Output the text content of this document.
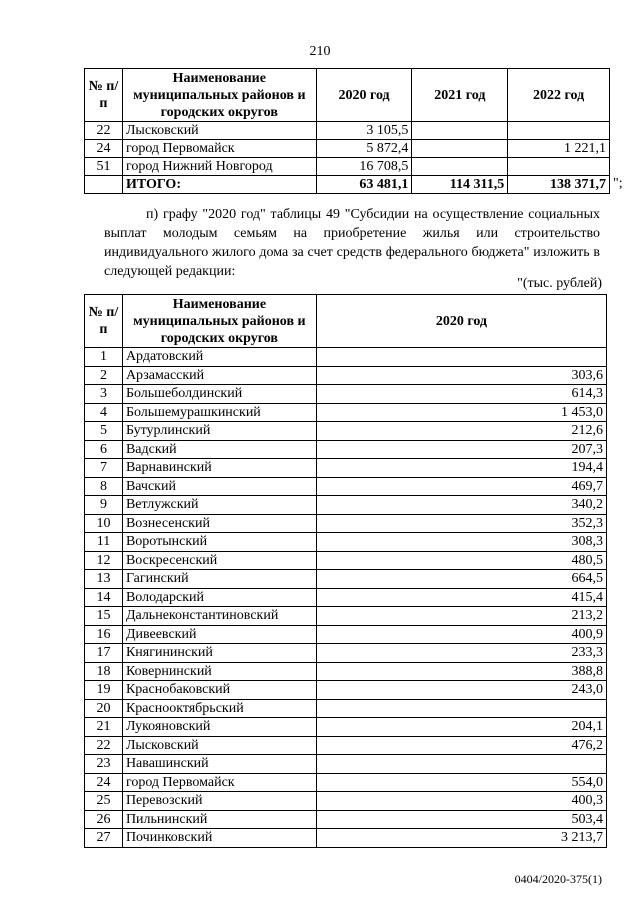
210
№ п/п	Наименование муниципальных районов и городских округов	2020 год	2021 год	2022 год
22	Лысковский	3 105,5		
24	город Первомайск	5 872,4		1 221,1
51	город Нижний Новгород	16 708,5		
	ИТОГО:	63 481,1	114 311,5	138 371,7 ";
п) графу "2020 год" таблицы 49 "Субсидии на осуществление социальных выплат молодым семьям на приобретение жилья или строительство индивидуального жилого дома за счет средств федерального бюджета" изложить в следующей редакции:
"(тыс. рублей)
№ п/п	Наименование муниципальных районов и городских округов	2020 год
1	Ардатовский	
2	Арзамасский	303,6
3	Большеболдинский	614,3
4	Большемурашкинский	1 453,0
5	Бутурлинский	212,6
6	Вадский	207,3
7	Варнавинский	194,4
8	Вачский	469,7
9	Ветлужский	340,2
10	Вознесенский	352,3
11	Воротынский	308,3
12	Воскресенский	480,5
13	Гагинский	664,5
14	Володарский	415,4
15	Дальнеконстантиновский	213,2
16	Дивеевский	400,9
17	Княгининский	233,3
18	Ковернинский	388,8
19	Краснобаковский	243,0
20	Краснооктябрьский	
21	Лукояновский	204,1
22	Лысковский	476,2
23	Навашинский	
24	город Первомайск	554,0
25	Перевозский	400,3
26	Пильнинский	503,4
27	Починковский	3 213,7
0404/2020-375(1)
